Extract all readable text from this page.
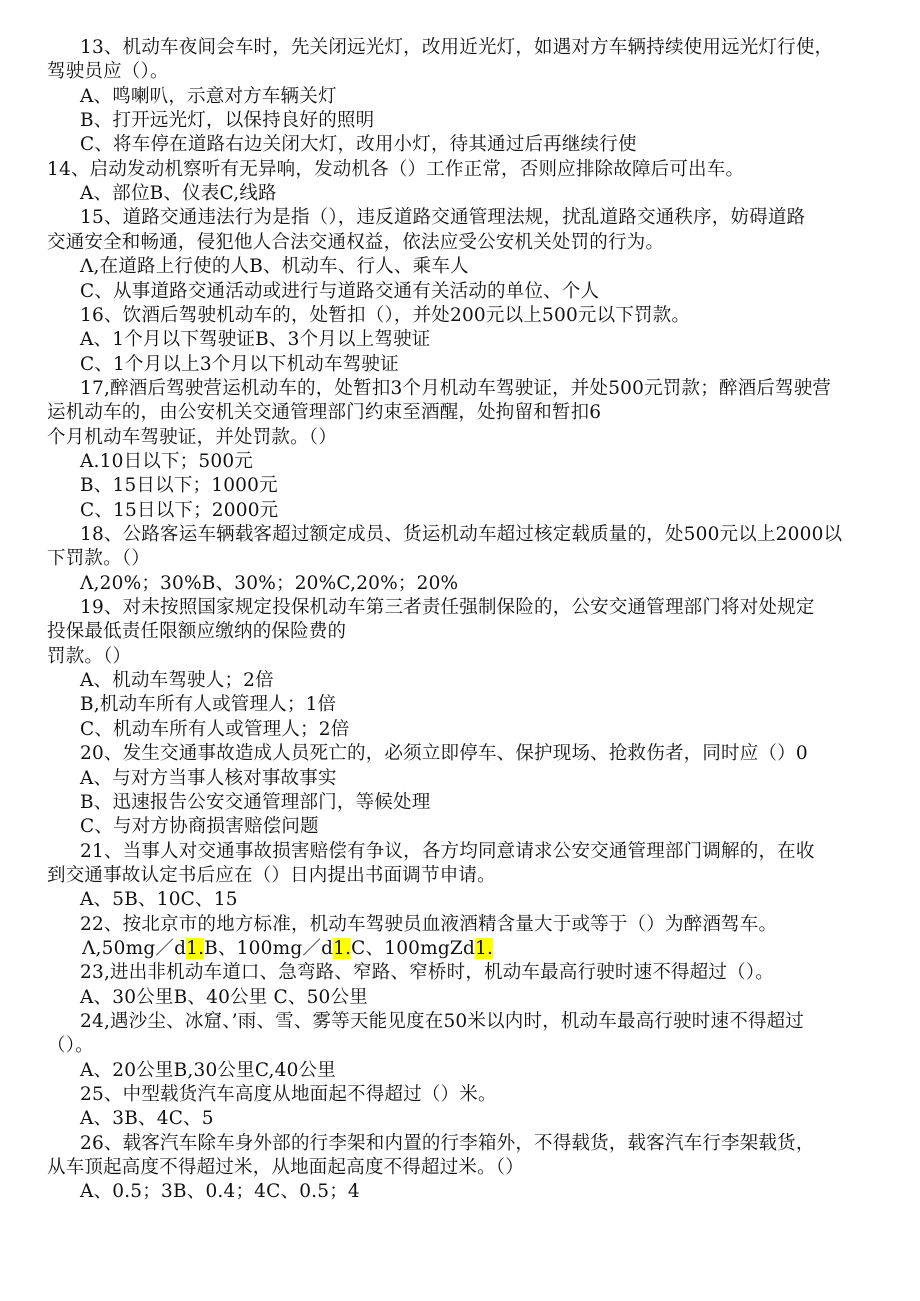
13、机动车夜间会车时，先关闭远光灯，改用近光灯，如遇对方车辆持续使用远光灯行使，
驾驶员应（）。
A、鸣喇叭，示意对方车辆关灯
B、打开远光灯，以保持良好的照明
C、将车停在道路右边关闭大灯，改用小灯，待其通过后再继续行使
14、启动发动机察听有无异响，发动机各（）工作正常，否则应排除故障后可出车。
A、部位B、仪表C,线路
15、道路交通违法行为是指（），违反道路交通管理法规，扰乱道路交通秩序，妨碍道路
交通安全和畅通，侵犯他人合法交通权益，依法应受公安机关处罚的行为。
Λ,在道路上行使的人B、机动车、行人、乘车人
C、从事道路交通活动或进行与道路交通有关活动的单位、个人
16、饮酒后驾驶机动车的，处暂扣（），并处200元以上500元以下罚款。
A、1个月以下驾驶证B、3个月以上驾驶证
C、1个月以上3个月以下机动车驾驶证
17,醉酒后驾驶营运机动车的，处暂扣3个月机动车驾驶证，并处500元罚款；醉酒后驾驶营
运机动车的，由公安机关交通管理部门约束至酒醒，处拘留和暂扣6
个月机动车驾驶证，并处罚款。（）
A.10日以下；500元
B、15日以下；1000元
C、15日以下；2000元
18、公路客运车辆载客超过额定成员、货运机动车超过核定载质量的，处500元以上2000以
下罚款。（）
Λ,20%；30%B、30%；20%C,20%；20%
19、对未按照国家规定投保机动车第三者责任强制保险的，公安交通管理部门将对处规定
投保最低责任限额应缴纳的保险费的
罚款。（）
A、机动车驾驶人；2倍
B,机动车所有人或管理人；1倍
C、机动车所有人或管理人；2倍
20、发生交通事故造成人员死亡的，必须立即停车、保护现场、抢救伤者，同时应（）0
A、与对方当事人核对事故事实
B、迅速报告公安交通管理部门，等候处理
C、与对方协商损害赔偿问题
21、当事人对交通事故损害赔偿有争议，各方均同意请求公安交通管理部门调解的，在收
到交通事故认定书后应在（）日内提出书面调节申请。
A、5B、10C、15
22、按北京市的地方标准，机动车驾驶员血液酒精含量大于或等于（）为醉酒驾车。
Λ,50mg／d1.B、100mg／d1.C、100mgZd1.
23,进出非机动车道口、急弯路、窄路、窄桥时，机动车最高行驶时速不得超过（）。
A、30公里B、40公里 C、50公里
24,遇沙尘、冰窟、’雨、雪、雾等天能见度在50米以内时，机动车最高行驶时速不得超过
（）。
A、20公里B,30公里C,40公里
25、中型载货汽车高度从地面起不得超过（）米。
A、3B、4C、5
26、载客汽车除车身外部的行李架和内置的行李箱外，不得载货，载客汽车行李架载货，
从车顶起高度不得超过米，从地面起高度不得超过米。（）
A、0.5；3B、0.4；4C、0.5；4
